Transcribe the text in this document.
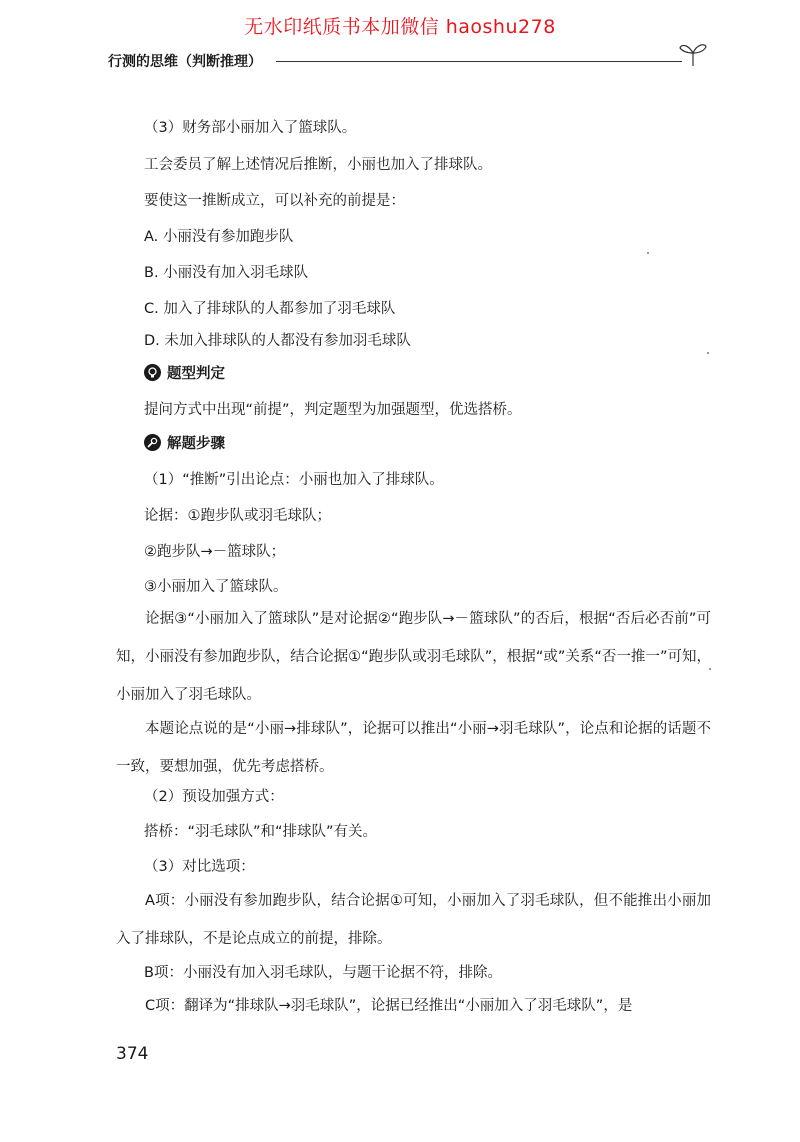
无水印纸质书本加微信 haoshu278
行测的思维（判断推理）
（3）财务部小丽加入了篮球队。
工会委员了解上述情况后推断，小丽也加入了排球队。
要使这一推断成立，可以补充的前提是：
A. 小丽没有参加跑步队
B. 小丽没有加入羽毛球队
C. 加入了排球队的人都参加了羽毛球队
D. 未加入排球队的人都没有参加羽毛球队
题型判定
提问方式中出现“前提”，判定题型为加强题型，优选搭桥。
解题步骤
（1）“推断”引出论点：小丽也加入了排球队。
论据：①跑步队或羽毛球队；
②跑步队→－篮球队；
③小丽加入了篮球队。
论据③“小丽加入了篮球队”是对论据②“跑步队→－篮球队”的否后，根据“否后必否前”可知，小丽没有参加跑步队，结合论据①“跑步队或羽毛球队”，根据“或”关系“否一推一”可知，小丽加入了羽毛球队。
本题论点说的是“小丽→排球队”，论据可以推出“小丽→羽毛球队”，论点和论据的话题不一致，要想加强，优先考虑搭桥。
（2）预设加强方式：
搭桥：“羽毛球队”和“排球队”有关。
（3）对比选项：
A项：小丽没有参加跑步队，结合论据①可知，小丽加入了羽毛球队，但不能推出小丽加入了排球队，不是论点成立的前提，排除。
B项：小丽没有加入羽毛球队，与题干论据不符，排除。
C项：翻译为“排球队→羽毛球队”，论据已经推出“小丽加入了羽毛球队”，是
374
